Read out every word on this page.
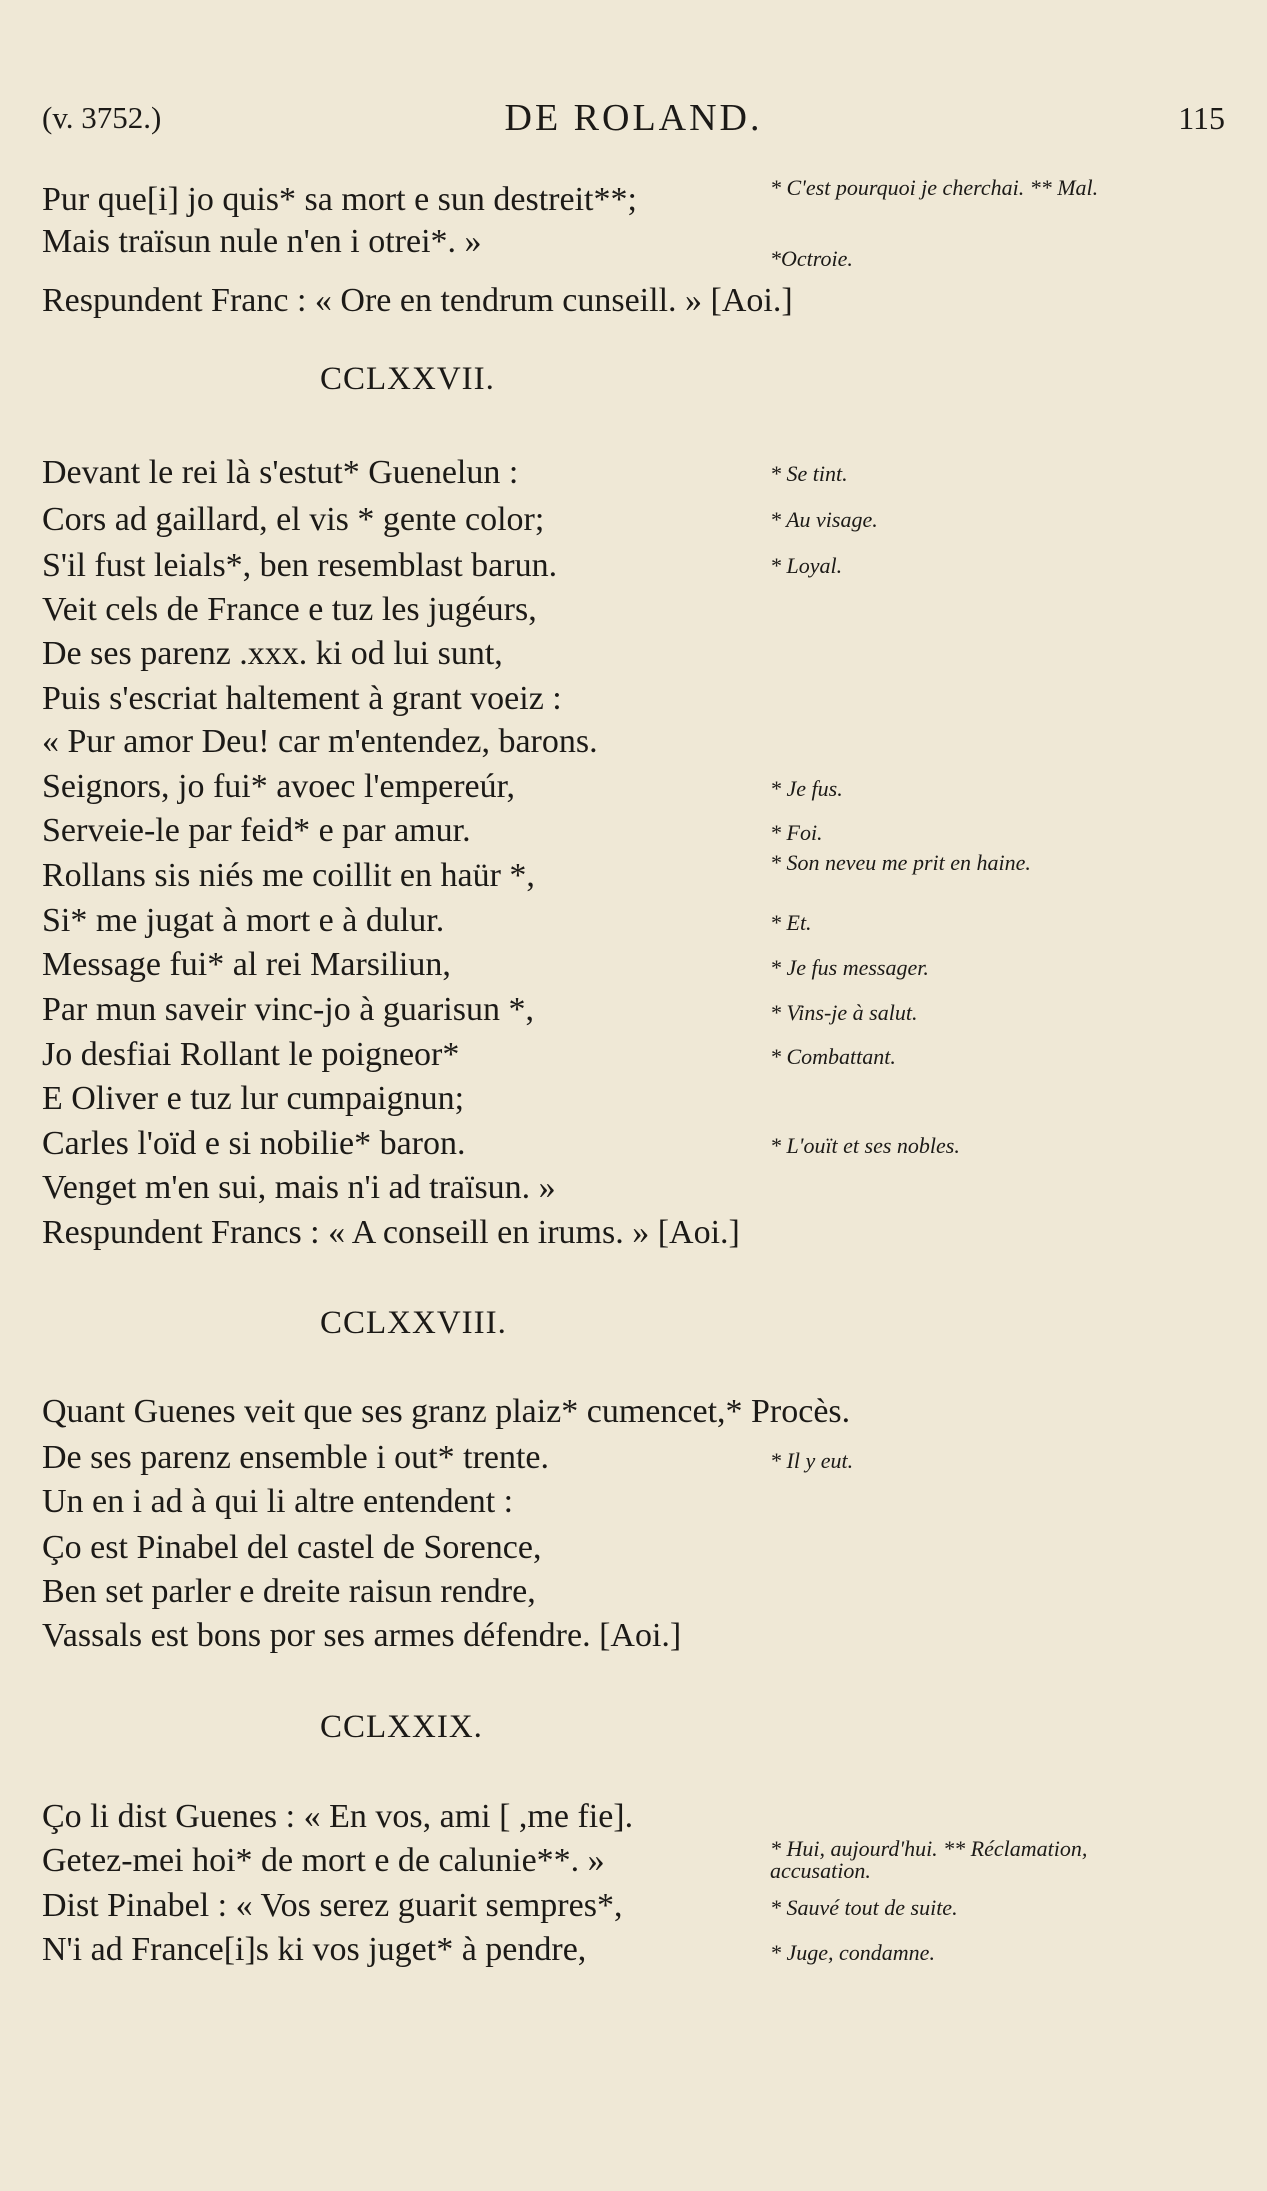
(v. 3752.)	DE ROLAND.	115
Pur que[i] jo quis* sa mort e sun destreit**;	* C'est pourquoi je cherchai. ** Mal.
Mais traïsun nule n'en i otrei*. »	*Octroie.
Respundent Franc : « Ore en tendrum cunseill. » [Aoi.]
CCLXXVII.
Devant le rei là s'estut* Guenelun :	* Se tint.
Cors ad gaillard, el vis * gente color;	* Au visage.
S'il fust leials*, ben resemblast barun.	* Loyal.
Veit cels de France e tuz les jugéurs,
De ses parenz .xxx. ki od lui sunt,
Puis s'escriat haltement à grant voeiz :
« Pur amor Deu! car m'entendez, barons.
Seignors, jo fui* avoec l'empereúr,	* Je fus.
Serveie-le par feid* e par amur.	* Foi.
Rollans sis niés me coillit en haür *,	* Son neveu me prit en haine.
Si* me jugat à mort e à dulur.	* Et.
Message fui* al rei Marsiliun,	* Je fus messager.
Par mun saveir vinc-jo à guarisun *,	* Vins-je à salut.
Jo desfiai Rollant le poigneor*	* Combattant.
E Oliver e tuz lur cumpaignun;
Carles l'oïd e si nobilie* baron.	* L'ouït et ses nobles.
Venget m'en sui, mais n'i ad traïsun. »
Respundent Francs : « A conseill en irums. » [Aoi.]
CCLXXVIII.
Quant Guenes veit que ses granz plaiz* cumencet,* Procès.
De ses parenz ensemble i out* trente.	* Il y eut.
Un en i ad à qui li altre entendent :
Ço est Pinabel del castel de Sorence,
Ben set parler e dreite raisun rendre,
Vassals est bons por ses armes défendre. [Aoi.]
CCLXXIX.
Ço li dist Guenes : « En vos, ami [ ,me fie].
Getez-mei hoi* de mort e de calunie**. »	* Hui, aujourd'hui. ** Réclamation, accusation.
Dist Pinabel : « Vos serez guarit sempres*,	* Sauvé tout de suite.
N'i ad France[i]s ki vos juget* à pendre,	* Juge, condamne.
